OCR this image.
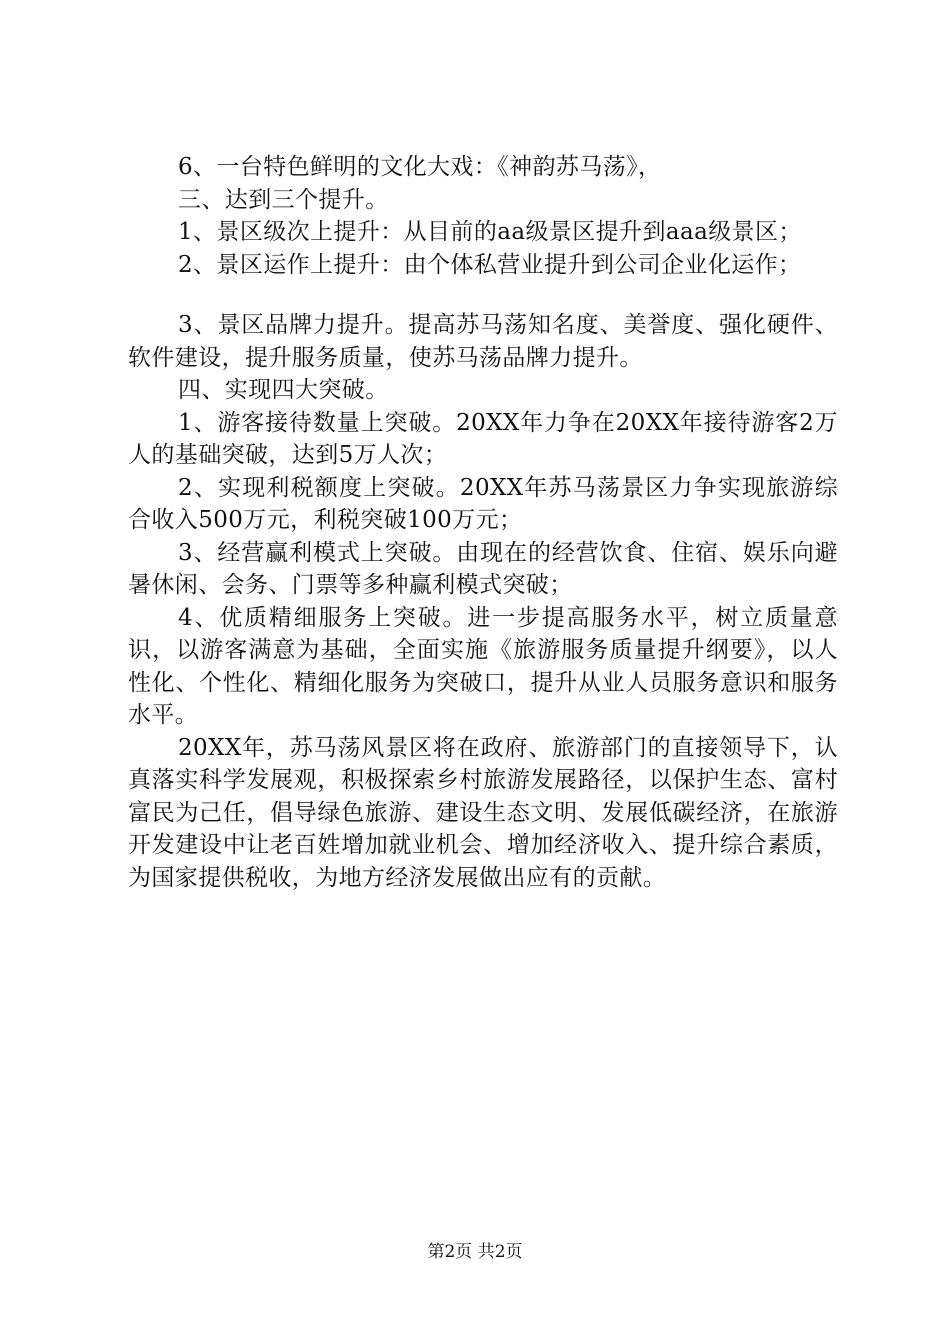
6、一台特色鲜明的文化大戏：《神韵苏马荡》，

三、达到三个提升。

1、景区级次上提升：从目前的aa级景区提升到aaa级景区；

2、景区运作上提升：由个体私营业提升到公司企业化运作；

3、景区品牌力提升。提高苏马荡知名度、美誉度、强化硬件、软件建设，提升服务质量，使苏马荡品牌力提升。

四、实现四大突破。

1、游客接待数量上突破。20XX年力争在20XX年接待游客2万人的基础突破，达到5万人次；

2、实现利税额度上突破。20XX年苏马荡景区力争实现旅游综合收入500万元，利税突破100万元；

3、经营赢利模式上突破。由现在的经营饮食、住宿、娱乐向避暑休闲、会务、门票等多种赢利模式突破；

4、优质精细服务上突破。进一步提高服务水平，树立质量意识，以游客满意为基础，全面实施《旅游服务质量提升纲要》，以人性化、个性化、精细化服务为突破口，提升从业人员服务意识和服务水平。

20XX年，苏马荡风景区将在政府、旅游部门的直接领导下，认真落实科学发展观，积极探索乡村旅游发展路径，以保护生态、富村富民为己任，倡导绿色旅游、建设生态文明、发展低碳经济，在旅游开发建设中让老百姓增加就业机会、增加经济收入、提升综合素质，为国家提供税收，为地方经济发展做出应有的贡献。

第2页 共2页
